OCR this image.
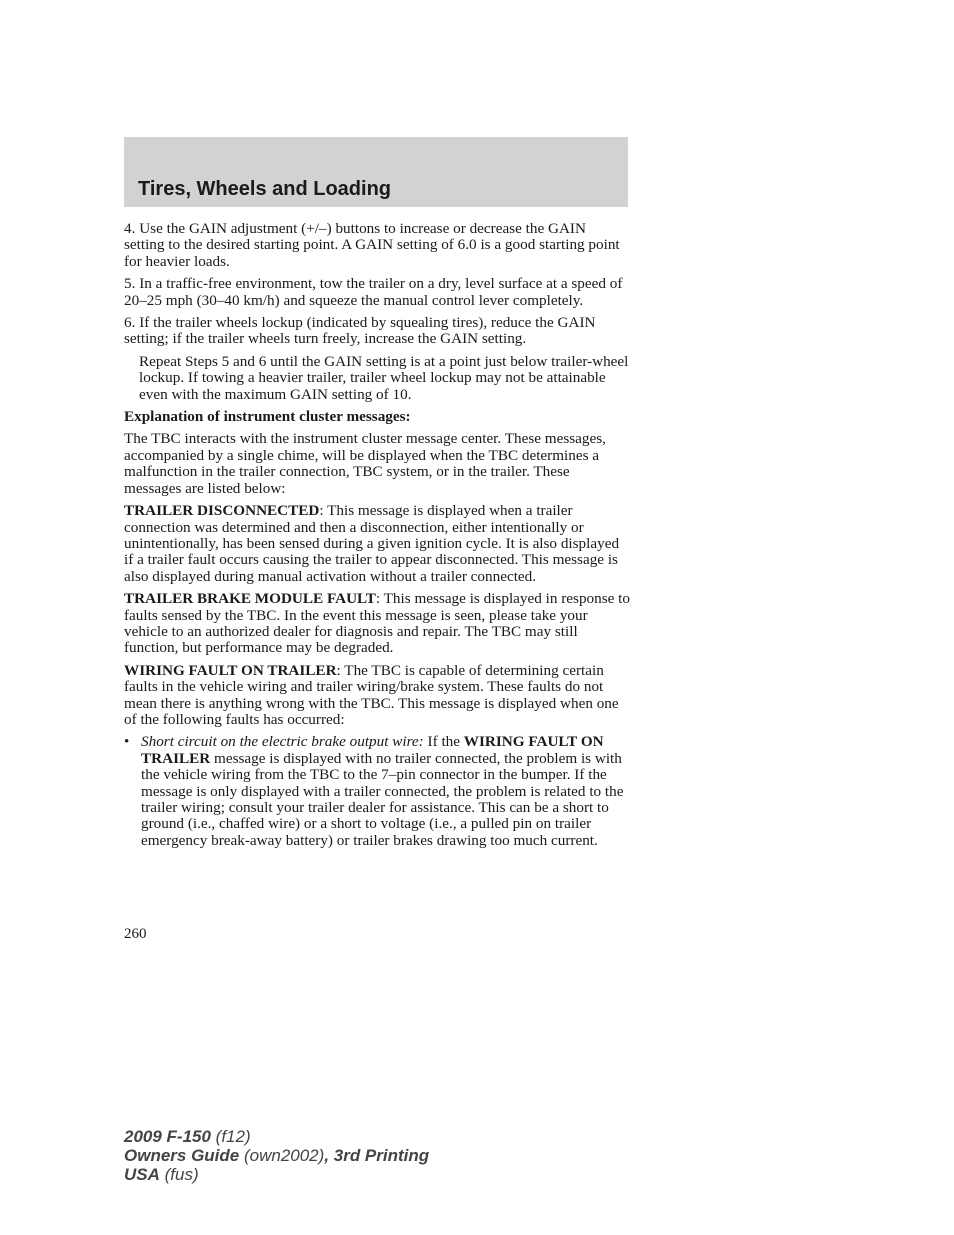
Tires, Wheels and Loading

4. Use the GAIN adjustment (+/–) buttons to increase or decrease the GAIN setting to the desired starting point. A GAIN setting of 6.0 is a good starting point for heavier loads.

5. In a traffic-free environment, tow the trailer on a dry, level surface at a speed of 20–25 mph (30–40 km/h) and squeeze the manual control lever completely.

6. If the trailer wheels lockup (indicated by squealing tires), reduce the GAIN setting; if the trailer wheels turn freely, increase the GAIN setting.

Repeat Steps 5 and 6 until the GAIN setting is at a point just below trailer-wheel lockup. If towing a heavier trailer, trailer wheel lockup may not be attainable even with the maximum GAIN setting of 10.

Explanation of instrument cluster messages:

The TBC interacts with the instrument cluster message center. These messages, accompanied by a single chime, will be displayed when the TBC determines a malfunction in the trailer connection, TBC system, or in the trailer. These messages are listed below:

TRAILER DISCONNECTED: This message is displayed when a trailer connection was determined and then a disconnection, either intentionally or unintentionally, has been sensed during a given ignition cycle. It is also displayed if a trailer fault occurs causing the trailer to appear disconnected. This message is also displayed during manual activation without a trailer connected.

TRAILER BRAKE MODULE FAULT: This message is displayed in response to faults sensed by the TBC. In the event this message is seen, please take your vehicle to an authorized dealer for diagnosis and repair. The TBC may still function, but performance may be degraded.

WIRING FAULT ON TRAILER: The TBC is capable of determining certain faults in the vehicle wiring and trailer wiring/brake system. These faults do not mean there is anything wrong with the TBC. This message is displayed when one of the following faults has occurred:

• Short circuit on the electric brake output wire: If the WIRING FAULT ON TRAILER message is displayed with no trailer connected, the problem is with the vehicle wiring from the TBC to the 7–pin connector in the bumper. If the message is only displayed with a trailer connected, the problem is related to the trailer wiring; consult your trailer dealer for assistance. This can be a short to ground (i.e., chaffed wire) or a short to voltage (i.e., a pulled pin on trailer emergency break-away battery) or trailer brakes drawing too much current.
260
2009 F-150 (f12)
Owners Guide (own2002), 3rd Printing
USA (fus)
